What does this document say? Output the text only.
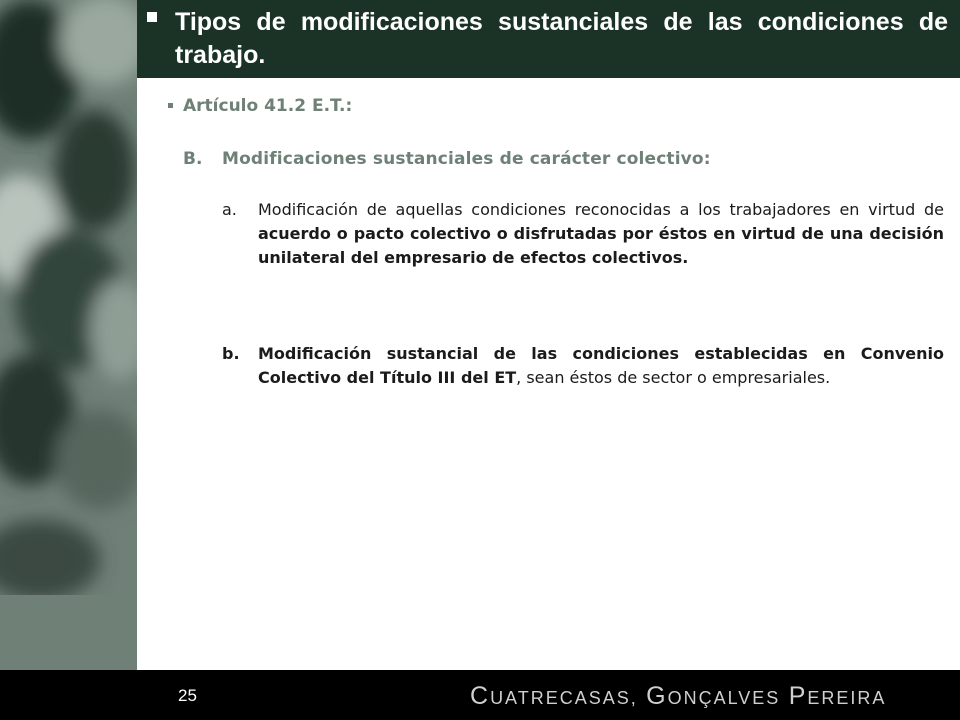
Tipos de modificaciones sustanciales de las condiciones de trabajo.
Artículo 41.2 E.T.:
B. Modificaciones sustanciales de carácter colectivo:
a. Modificación de aquellas condiciones reconocidas a los trabajadores en virtud de acuerdo o pacto colectivo o disfrutadas por éstos en virtud de una decisión unilateral del empresario de efectos colectivos.
b. Modificación sustancial de las condiciones establecidas en Convenio Colectivo del Título III del ET, sean éstos de sector o empresariales.
25	CUATRECASAS, GONÇALVES PEREIRA
